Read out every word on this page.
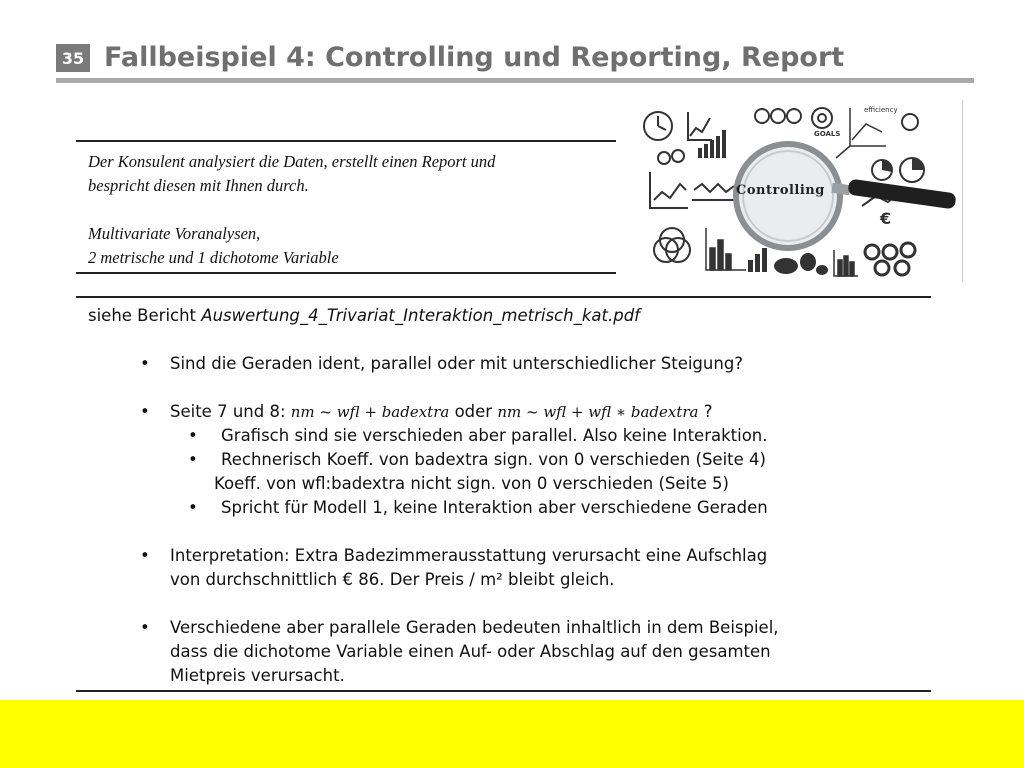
35 Fallbeispiel 4: Controlling und Reporting, Report

Der Konsulent analysiert die Daten, erstellt einen Report und

bespricht diesen mit Ihnen durch.

Multivariate Voranalysen,

2 metrische und 1 dichotome Variable

GOALS
efficiency
€
Controlling
siehe Bericht Auswertung_4_Trivariat_Interaktion_metrisch_kat.pdf
• Sind die Geraden ident, parallel oder mit unterschiedlicher Steigung?
• Seite 7 und 8: nm ~ wfl + badextra oder nm ~ wfl + wfl ∗ badextra ?
• Grafisch sind sie verschieden aber parallel. Also keine Interaktion.
• Rechnerisch Koeff. von badextra sign. von 0 verschieden (Seite 4)
Koeff. von wfl:badextra nicht sign. von 0 verschieden (Seite 5)
• Spricht für Modell 1, keine Interaktion aber verschiedene Geraden
• Interpretation: Extra Badezimmerausstattung verursacht eine Aufschlag
von durchschnittlich € 86. Der Preis / m² bleibt gleich.
• Verschiedene aber parallele Geraden bedeuten inhaltlich in dem Beispiel,
dass die dichotome Variable einen Auf- oder Abschlag auf den gesamten
Mietpreis verursacht.
